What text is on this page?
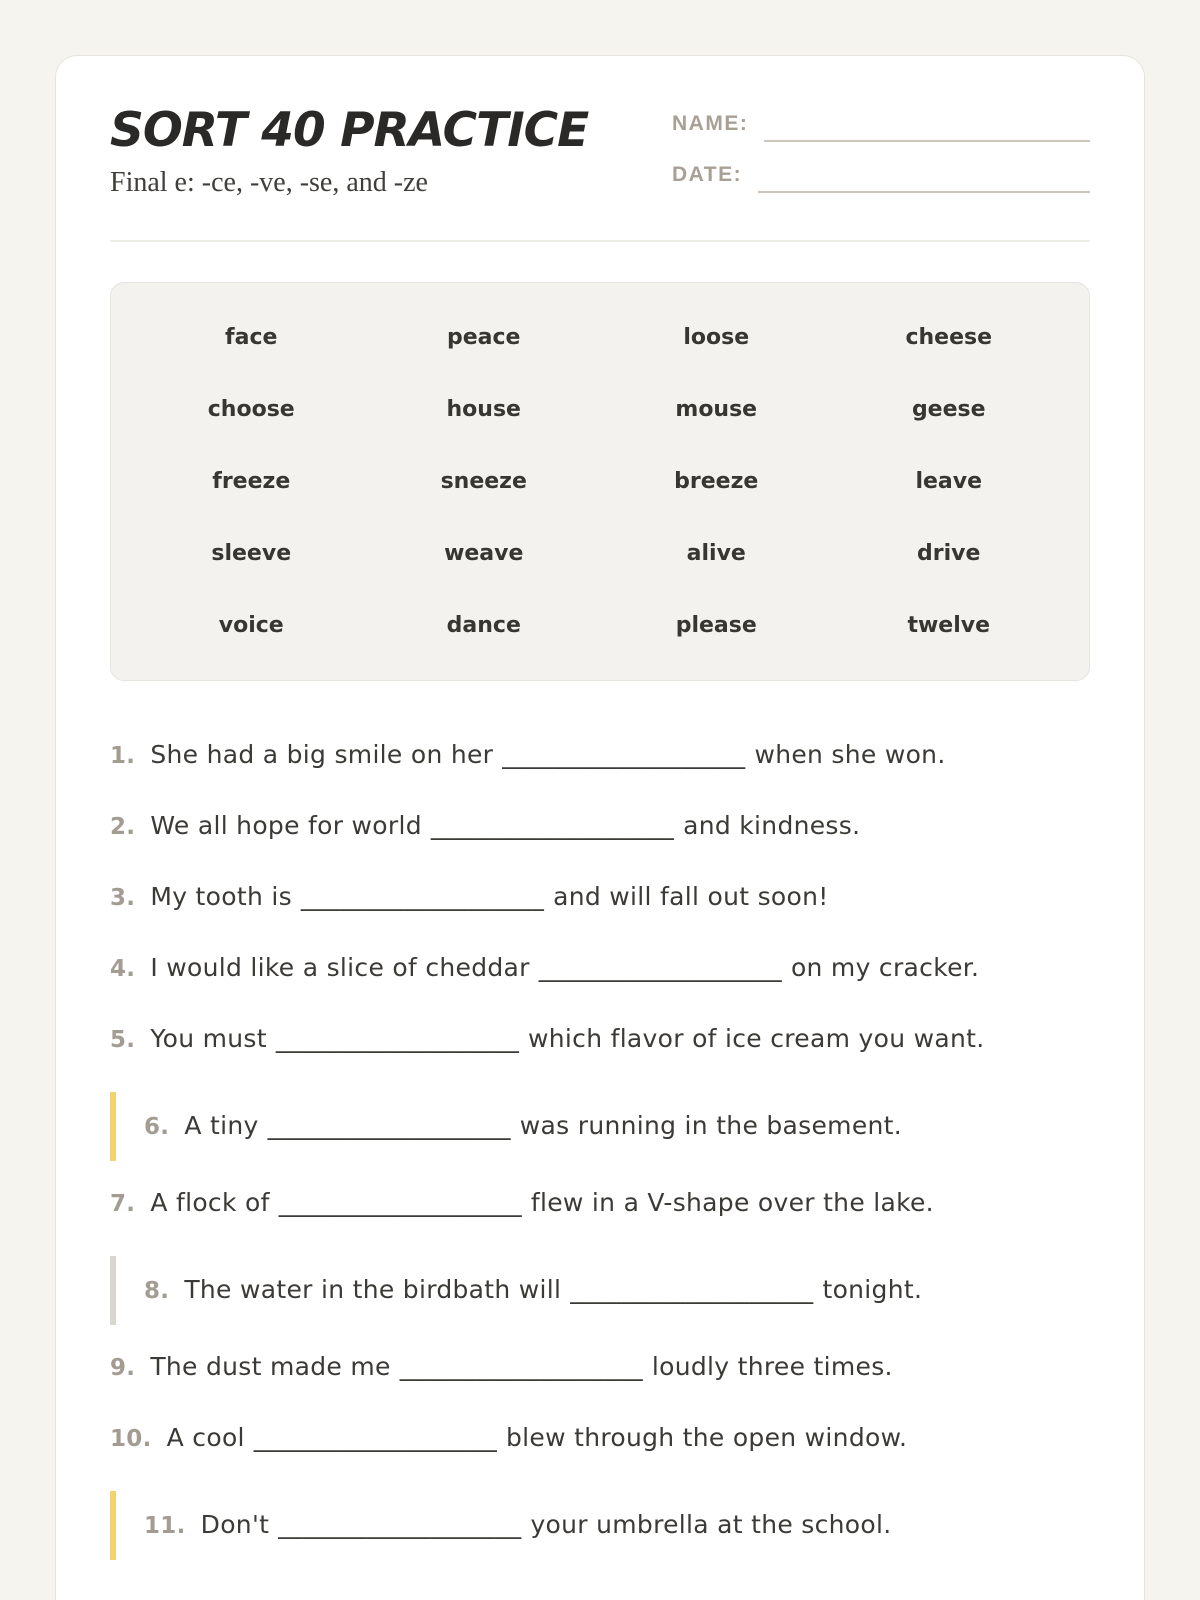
SORT 40 PRACTICE
Final e: -ce, -ve, -se, and -ze
NAME:
DATE:
face	peace	loose	cheese
choose	house	mouse	geese
freeze	sneeze	breeze	leave
sleeve	weave	alive	drive
voice	dance	please	twelve
1. She had a big smile on her ___________________ when she won.
2. We all hope for world ___________________ and kindness.
3. My tooth is ___________________ and will fall out soon!
4. I would like a slice of cheddar ___________________ on my cracker.
5. You must ___________________ which flavor of ice cream you want.
6. A tiny ___________________ was running in the basement.
7. A flock of ___________________ flew in a V-shape over the lake.
8. The water in the birdbath will ___________________ tonight.
9. The dust made me ___________________ loudly three times.
10. A cool ___________________ blew through the open window.
11. Don't ___________________ your umbrella at the school.
